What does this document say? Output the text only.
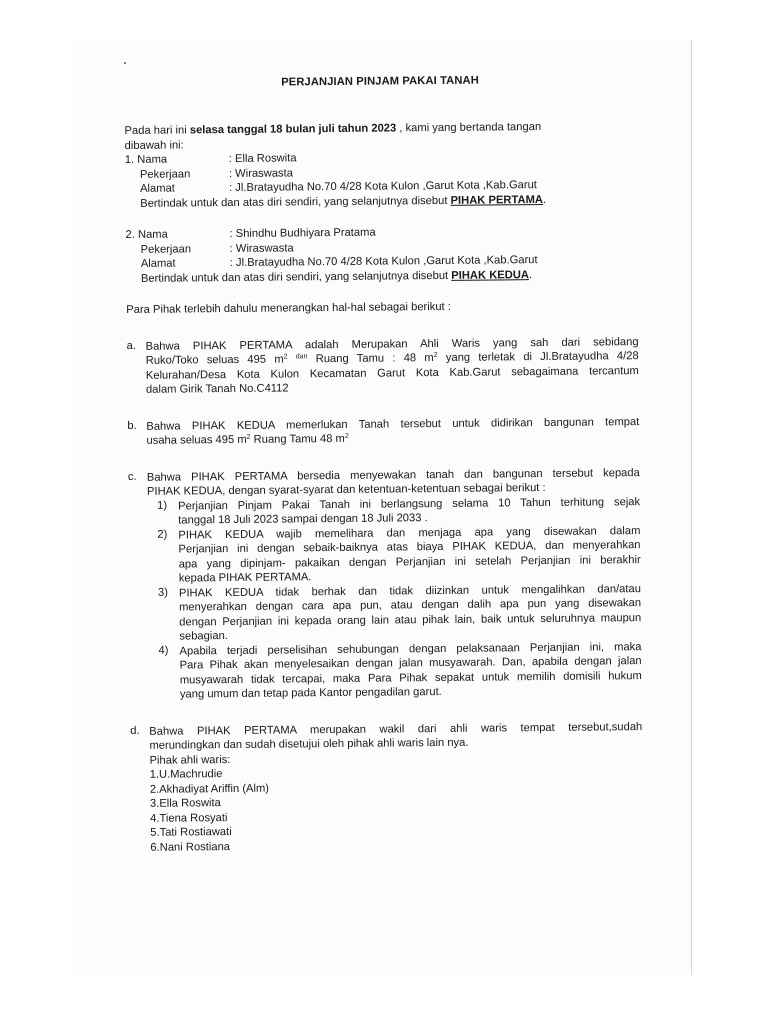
PERJANJIAN PINJAM PAKAI TANAH
Pada hari ini selasa tanggal 18 bulan juli tahun 2023 , kami yang bertanda tangan
dibawah ini:
1. Nama	: Ella Roswita
Pekerjaan	: Wiraswasta
Alamat	: Jl.Bratayudha No.70 4/28 Kota Kulon ,Garut Kota ,Kab.Garut
Bertindak untuk dan atas diri sendiri, yang selanjutnya disebut PIHAK PERTAMA.
2. Nama	: Shindhu Budhiyara Pratama
Pekerjaan	: Wiraswasta
Alamat	: Jl.Bratayudha No.70 4/28 Kota Kulon ,Garut Kota ,Kab.Garut
Bertindak untuk dan atas diri sendiri, yang selanjutnya disebut PIHAK KEDUA.
Para Pihak terlebih dahulu menerangkan hal-hal sebagai berikut :
a. Bahwa PIHAK PERTAMA adalah Merupakan Ahli Waris yang sah dari sebidang
Ruko/Toko seluas 495 $m^2$ $^{dan}$ Ruang Tamu : 48 $m^2$ yang terletak di Jl.Bratayudha 4/28
Kelurahan/Desa Kota Kulon Kecamatan Garut Kota Kab.Garut sebagaimana tercantum
dalam Girik Tanah No.C4112
b. Bahwa PIHAK KEDUA memerlukan Tanah tersebut untuk didirikan bangunan tempat
usaha seluas 495 $m^2$ Ruang Tamu 48 $m^2$
c. Bahwa PIHAK PERTAMA bersedia menyewakan tanah dan bangunan tersebut kepada
PIHAK KEDUA, dengan syarat-syarat dan ketentuan-ketentuan sebagai berikut :
1) Perjanjian Pinjam Pakai Tanah ini berlangsung selama 10 Tahun terhitung sejak
tanggal 18 Juli 2023 sampai dengan 18 Juli 2033 .
2) PIHAK KEDUA wajib memelihara dan menjaga apa yang disewakan dalam
Perjanjian ini dengan sebaik-baiknya atas biaya PIHAK KEDUA, dan menyerahkan
apa yang dipinjam- pakaikan dengan Perjanjian ini setelah Perjanjian ini berakhir
kepada PIHAK PERTAMA.
3) PIHAK KEDUA tidak berhak dan tidak diizinkan untuk mengalihkan dan/atau
menyerahkan dengan cara apa pun, atau dengan dalih apa pun yang disewakan
dengan Perjanjian ini kepada orang lain atau pihak lain, baik untuk seluruhnya maupun
sebagian.
4) Apabila terjadi perselisihan sehubungan dengan pelaksanaan Perjanjian ini, maka
Para Pihak akan menyelesaikan dengan jalan musyawarah. Dan, apabila dengan jalan
musyawarah tidak tercapai, maka Para Pihak sepakat untuk memilih domisili hukum
yang umum dan tetap pada Kantor pengadilan garut.
d. Bahwa PIHAK PERTAMA merupakan wakil dari ahli waris tempat tersebut,sudah
merundingkan dan sudah disetujui oleh pihak ahli waris lain nya.
Pihak ahli waris:
1.U.Machrudie
2.Akhadiyat Ariffin (Alm)
3.Ella Roswita
4.Tiena Rosyati
5.Tati Rostiawati
6.Nani Rostiana
